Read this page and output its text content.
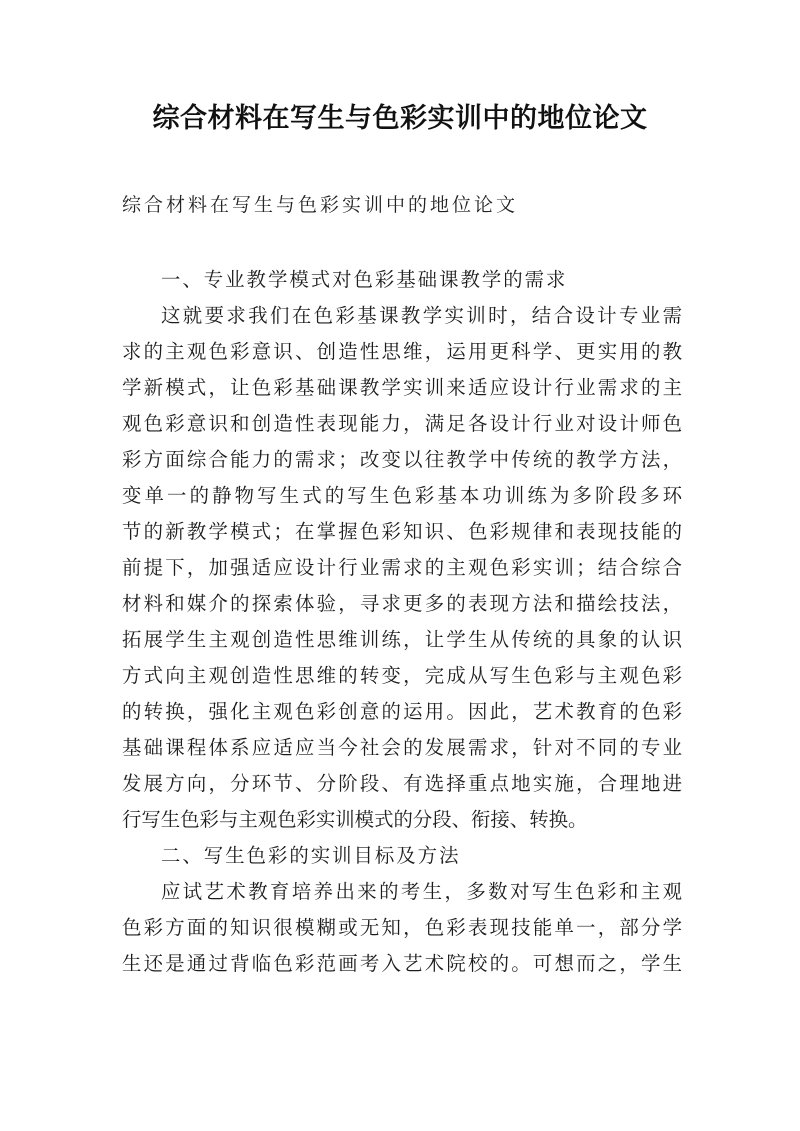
综合材料在写生与色彩实训中的地位论文
综合材料在写生与色彩实训中的地位论文
一、专业教学模式对色彩基础课教学的需求
这就要求我们在色彩基课教学实训时，结合设计专业需
求的主观色彩意识、创造性思维，运用更科学、更实用的教
学新模式，让色彩基础课教学实训来适应设计行业需求的主
观色彩意识和创造性表现能力，满足各设计行业对设计师色
彩方面综合能力的需求；改变以往教学中传统的教学方法，
变单一的静物写生式的写生色彩基本功训练为多阶段多环
节的新教学模式；在掌握色彩知识、色彩规律和表现技能的
前提下，加强适应设计行业需求的主观色彩实训；结合综合
材料和媒介的探索体验，寻求更多的表现方法和描绘技法，
拓展学生主观创造性思维训练，让学生从传统的具象的认识
方式向主观创造性思维的转变，完成从写生色彩与主观色彩
的转换，强化主观色彩创意的运用。因此，艺术教育的色彩
基础课程体系应适应当今社会的发展需求，针对不同的专业
发展方向，分环节、分阶段、有选择重点地实施，合理地进
行写生色彩与主观色彩实训模式的分段、衔接、转换。
二、写生色彩的实训目标及方法
应试艺术教育培养出来的考生，多数对写生色彩和主观
色彩方面的知识很模糊或无知，色彩表现技能单一，部分学
生还是通过背临色彩范画考入艺术院校的。可想而之，学生
